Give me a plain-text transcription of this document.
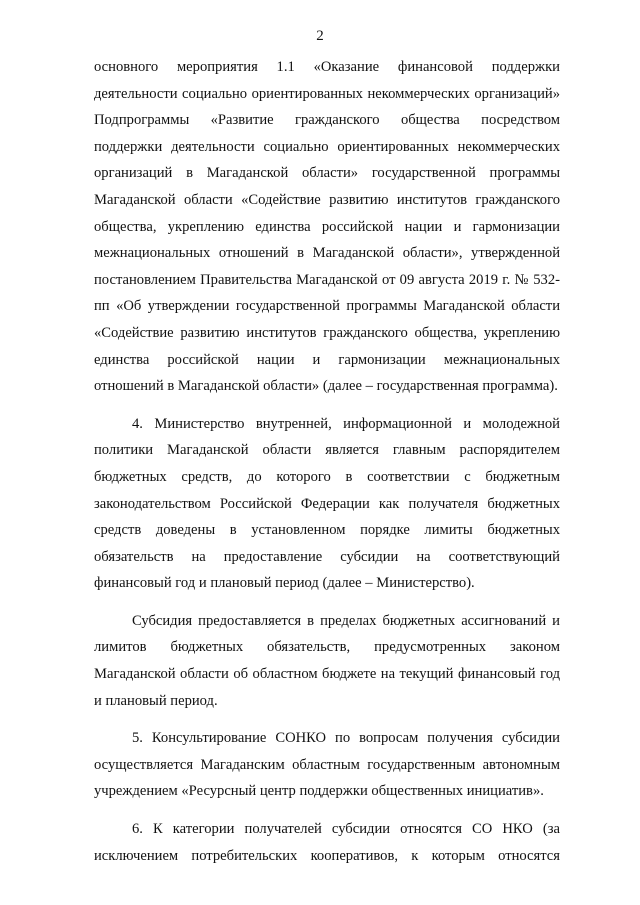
2

основного мероприятия 1.1 «Оказание финансовой поддержки деятельности социально ориентированных некоммерческих организаций» Подпрограммы «Развитие гражданского общества посредством поддержки деятельности социально ориентированных некоммерческих организаций в Магаданской области» государственной программы Магаданской области «Содействие развитию институтов гражданского общества, укреплению единства российской нации и гармонизации межнациональных отношений в Магаданской области», утвержденной постановлением Правительства Магаданской от 09 августа 2019 г. № 532-пп «Об утверждении государственной программы Магаданской области «Содействие развитию институтов гражданского общества, укреплению единства российской нации и гармонизации межнациональных отношений в Магаданской области» (далее – государственная программа).

4. Министерство внутренней, информационной и молодежной политики Магаданской области является главным распорядителем бюджетных средств, до которого в соответствии с бюджетным законодательством Российской Федерации как получателя бюджетных средств доведены в установленном порядке лимиты бюджетных обязательств на предоставление субсидии на соответствующий финансовый год и плановый период (далее – Министерство).

Субсидия предоставляется в пределах бюджетных ассигнований и лимитов бюджетных обязательств, предусмотренных законом Магаданской области об областном бюджете на текущий финансовый год и плановый период.

5. Консультирование СОНКО по вопросам получения субсидии осуществляется Магаданским областным государственным автономным учреждением «Ресурсный центр поддержки общественных инициатив».

6. К категории получателей субсидии относятся СО НКО (за исключением потребительских кооперативов, к которым относятся
